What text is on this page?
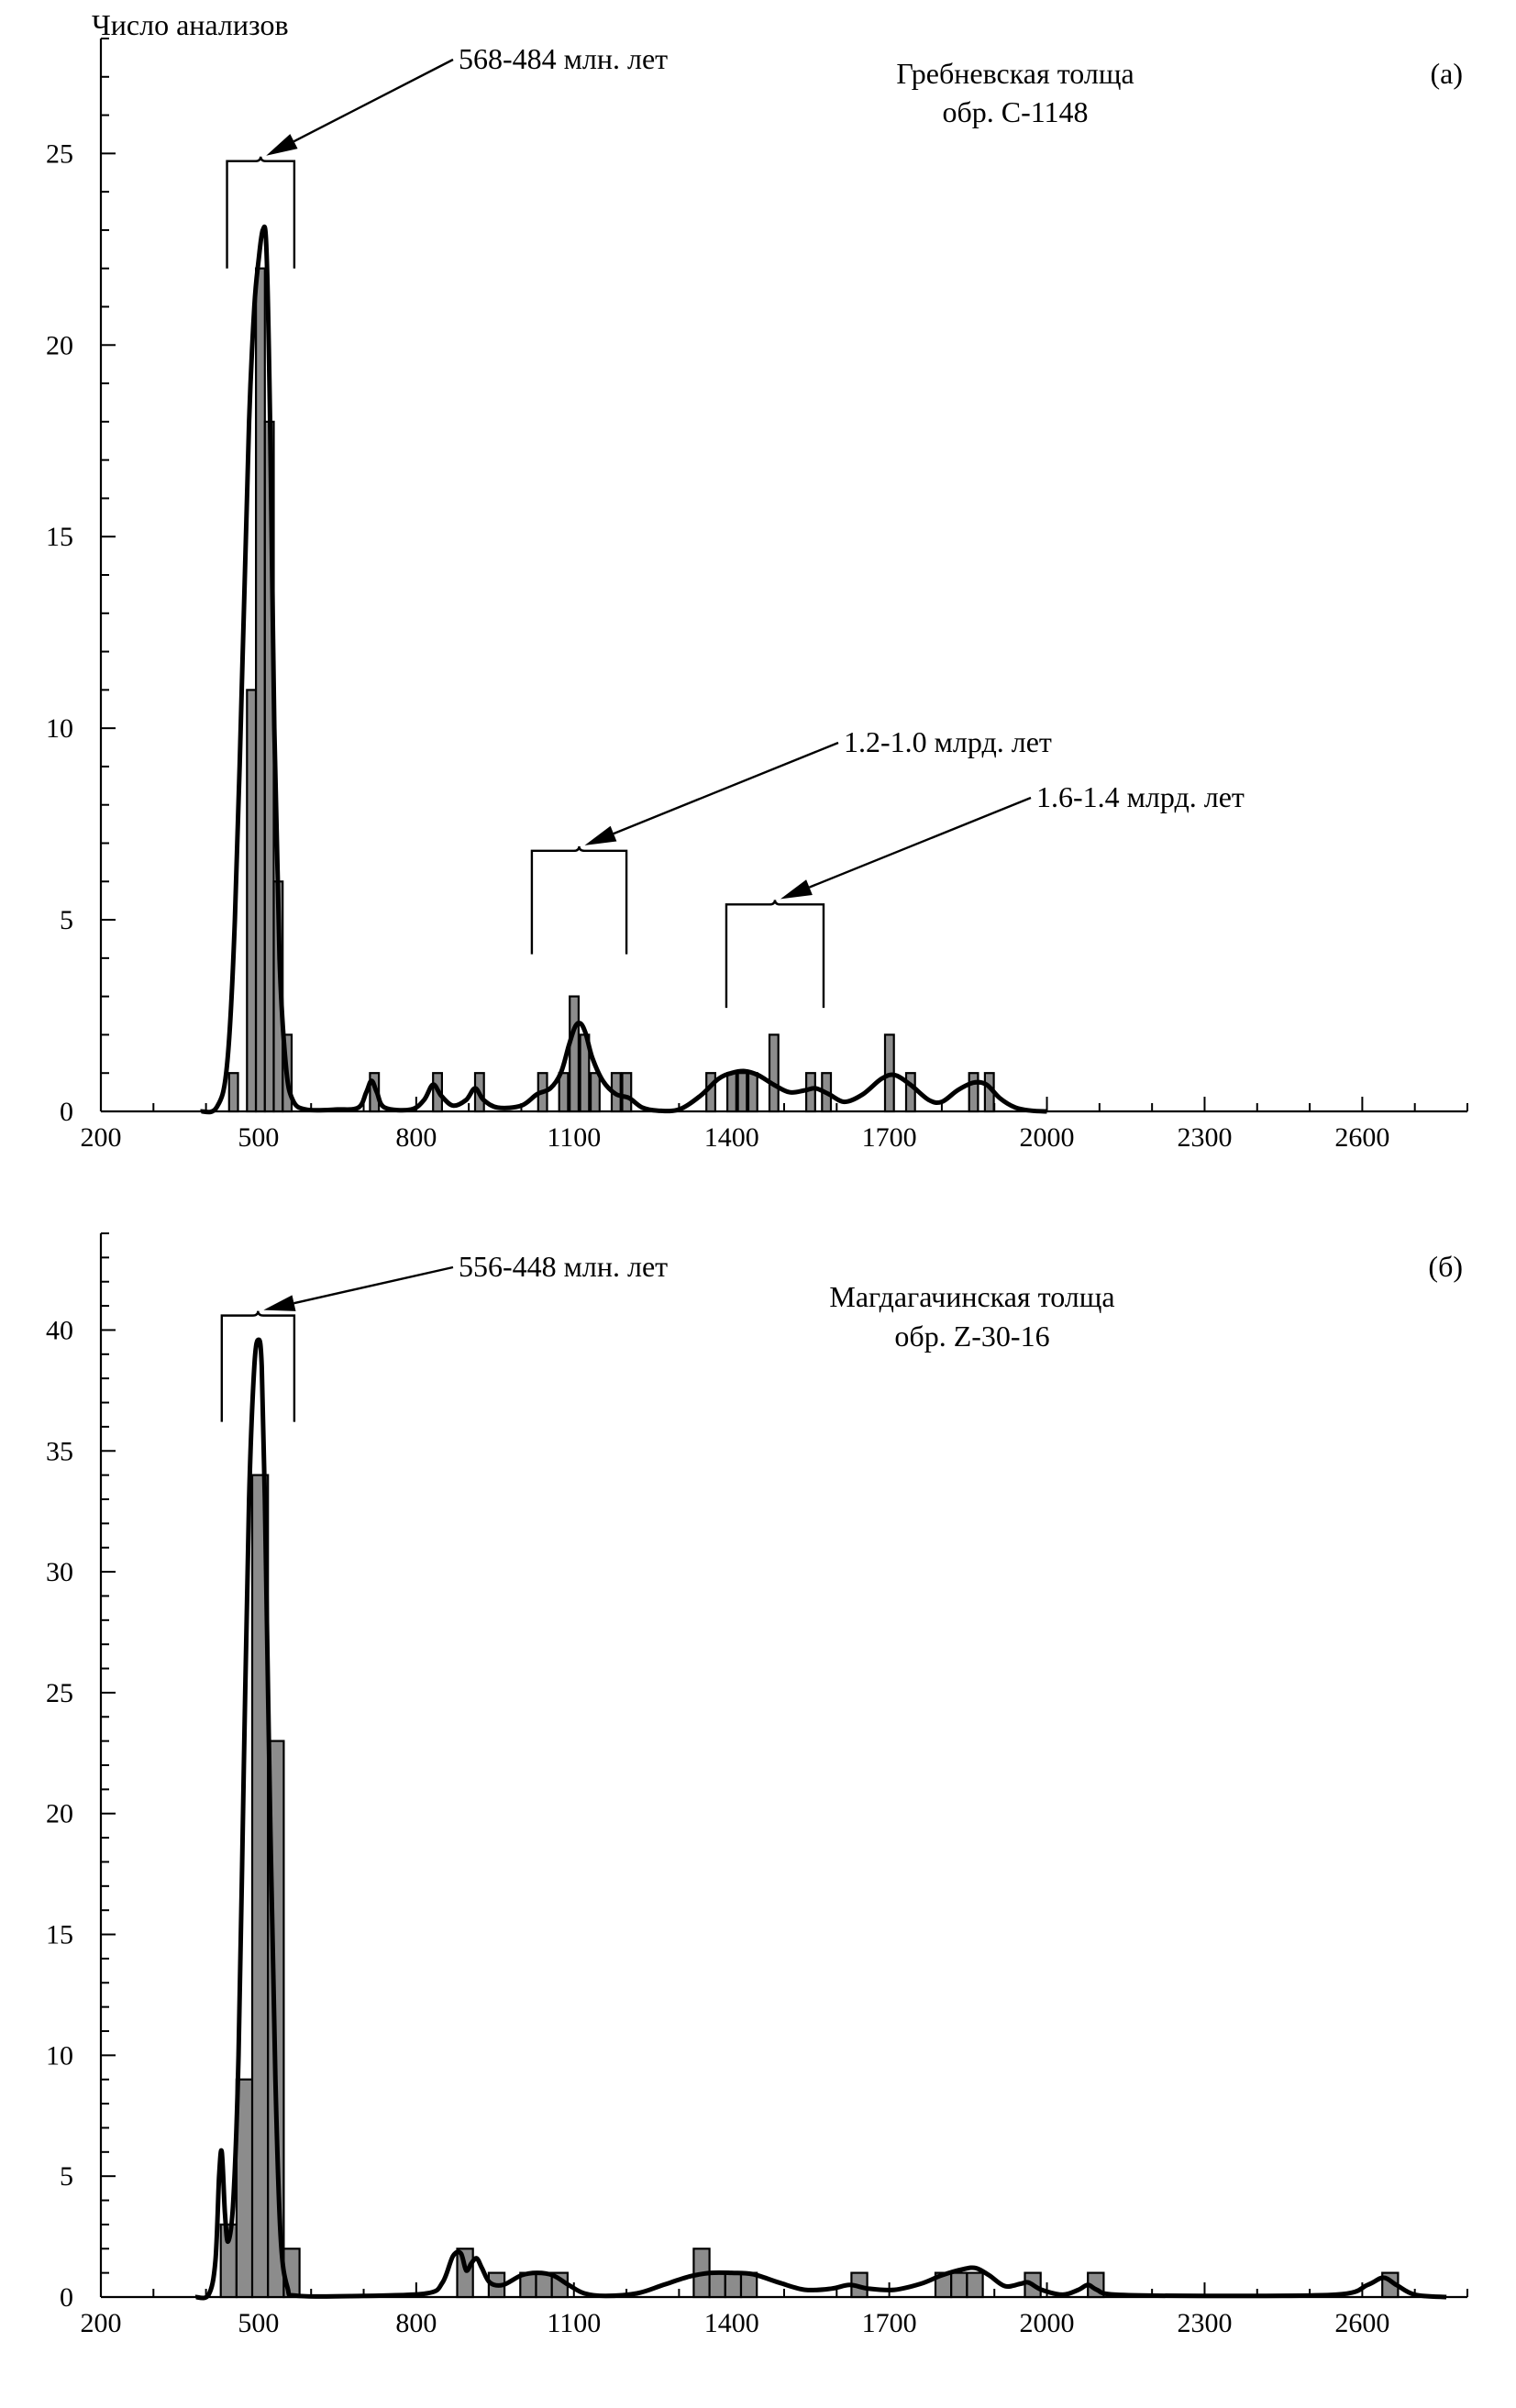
0
5
10
15
20
25
200	500	800	1100	1400	1700	2000	2300	2600
568-484 млн. лет
1.2-1.0 млрд. лет
1.6-1.4 млрд. лет
Число анализов
Гребневская толща
обр. С-1148
(а)
0
5
10
15
20
25
30
35
40
200	500	800	1100	1400	1700	2000	2300	2600
556-448 млн. лет
Магдагачинская толща
обр. Z-30-16
(б)
